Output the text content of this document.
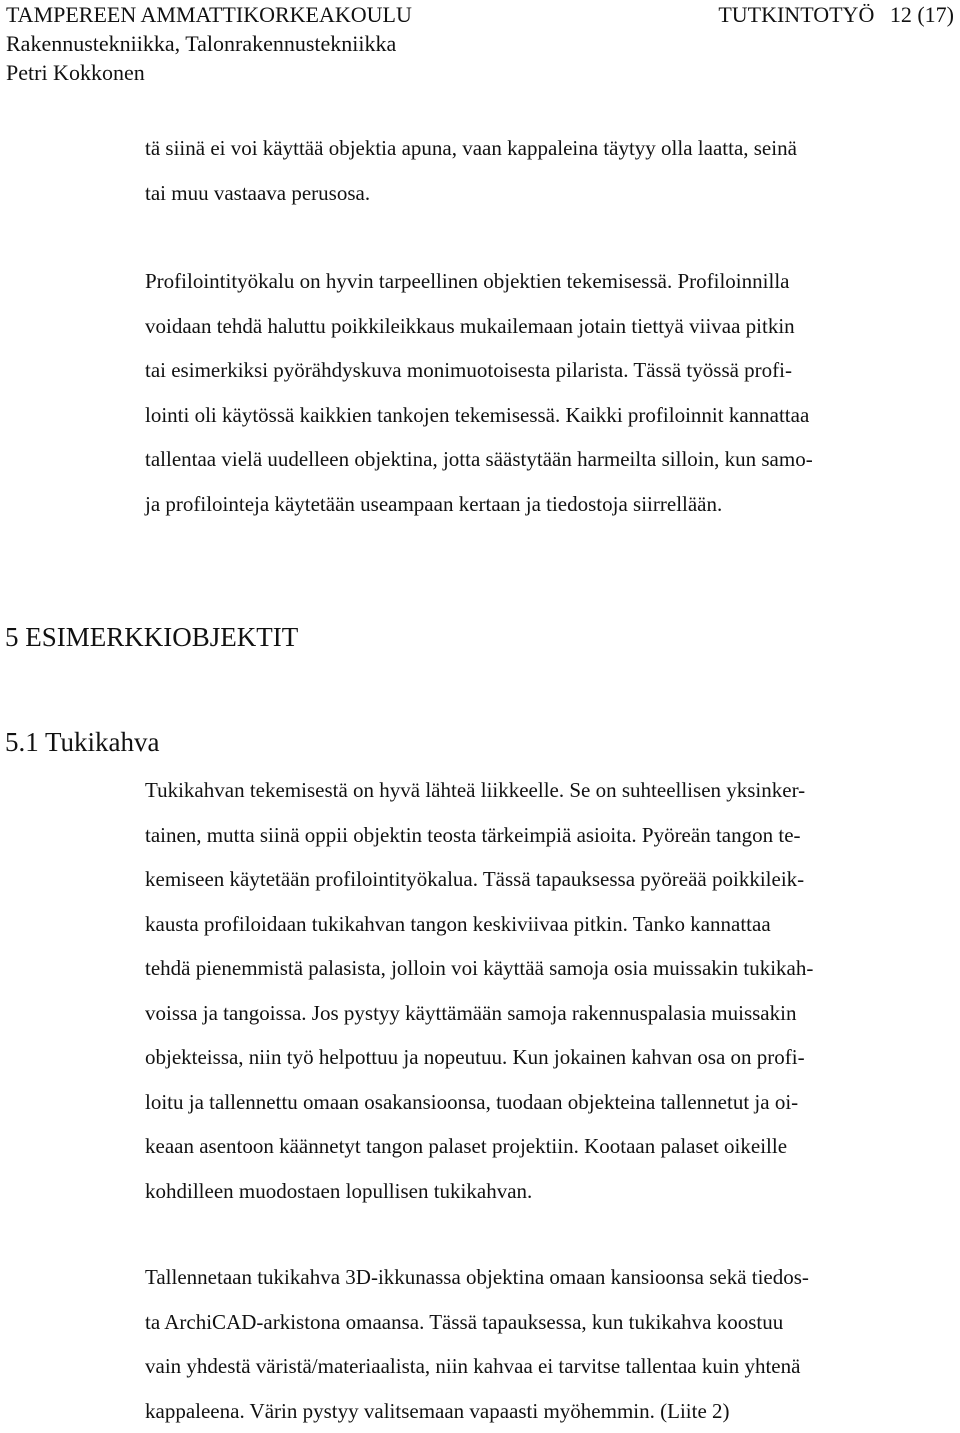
TAMPEREEN AMMATTIKORKEAKOULU	TUTKINTOTYÖ 12 (17)
Rakennustekniikka, Talonrakennustekniikka
Petri Kokkonen
tä siinä ei voi käyttää objektia apuna, vaan kappaleina täytyy olla laatta, seinä
tai muu vastaava perusosa.
Profilointityökalu on hyvin tarpeellinen objektien tekemisessä. Profiloinnilla
voidaan tehdä haluttu poikkileikkaus mukailemaan jotain tiettyä viivaa pitkin
tai esimerkiksi pyörähdyskuva monimuotoisesta pilarista. Tässä työssä profi-
lointi oli käytössä kaikkien tankojen tekemisessä. Kaikki profiloinnit kannattaa
tallentaa vielä uudelleen objektina, jotta säästytään harmeilta silloin, kun samo-
ja profilointeja käytetään useampaan kertaan ja tiedostoja siirrellään.
5 ESIMERKKIOBJEKTIT
5.1 Tukikahva
Tukikahvan tekemisestä on hyvä lähteä liikkeelle. Se on suhteellisen yksinker-
tainen, mutta siinä oppii objektin teosta tärkeimpiä asioita. Pyöreän tangon te-
kemiseen käytetään profilointityökalua. Tässä tapauksessa pyöreää poikkileik-
kausta profiloidaan tukikahvan tangon keskiviivaa pitkin. Tanko kannattaa
tehdä pienemmistä palasista, jolloin voi käyttää samoja osia muissakin tukikah-
voissa ja tangoissa. Jos pystyy käyttämään samoja rakennuspalasia muissakin
objekteissa, niin työ helpottuu ja nopeutuu. Kun jokainen kahvan osa on profi-
loitu ja tallennettu omaan osakansioonsa, tuodaan objekteina tallennetut ja oi-
keaan asentoon käännetyt tangon palaset projektiin. Kootaan palaset oikeille
kohdilleen muodostaen lopullisen tukikahvan.
Tallennetaan tukikahva 3D-ikkunassa objektina omaan kansioonsa sekä tiedos-
ta ArchiCAD-arkistona omaansa. Tässä tapauksessa, kun tukikahva koostuu
vain yhdestä väristä/materiaalista, niin kahvaa ei tarvitse tallentaa kuin yhtenä
kappaleena. Värin pystyy valitsemaan vapaasti myöhemmin. (Liite 2)
